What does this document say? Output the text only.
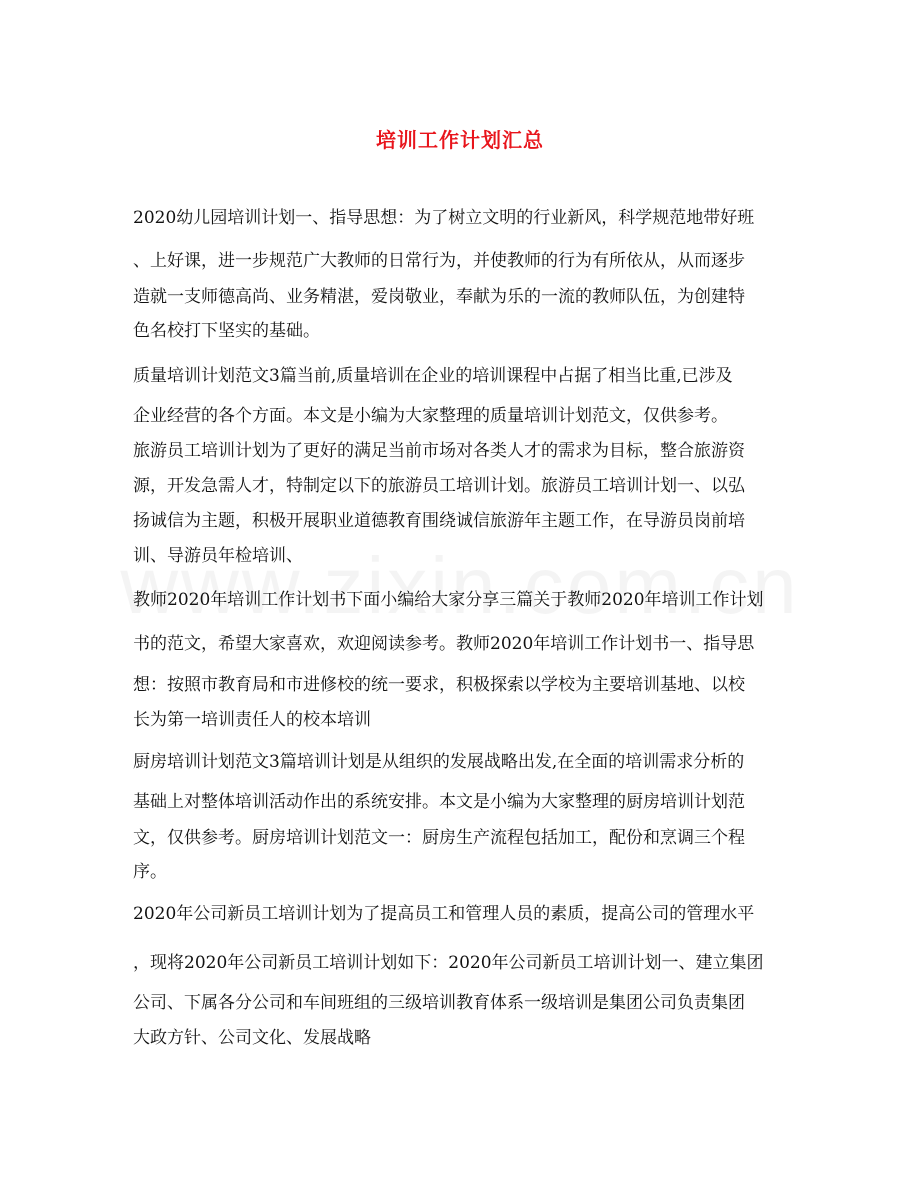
培训工作计划汇总
2020幼儿园培训计划一、指导思想：为了树立文明的行业新风，科学规范地带好班
、上好课，进一步规范广大教师的日常行为，并使教师的行为有所依从，从而逐步
造就一支师德高尚、业务精湛，爱岗敬业，奉献为乐的一流的教师队伍，为创建特
色名校打下坚实的基础。
质量培训计划范文3篇当前,质量培训在企业的培训课程中占据了相当比重,已涉及
企业经营的各个方面。本文是小编为大家整理的质量培训计划范文，仅供参考。
旅游员工培训计划为了更好的满足当前市场对各类人才的需求为目标，整合旅游资
源，开发急需人才，特制定以下的旅游员工培训计划。旅游员工培训计划一、以弘
扬诚信为主题，积极开展职业道德教育围绕诚信旅游年主题工作，在导游员岗前培
训、导游员年检培训、
教师2020年培训工作计划书下面小编给大家分享三篇关于教师2020年培训工作计划
书的范文，希望大家喜欢，欢迎阅读参考。教师2020年培训工作计划书一、指导思
想：按照市教育局和市进修校的统一要求，积极探索以学校为主要培训基地、以校
长为第一培训责任人的校本培训
厨房培训计划范文3篇培训计划是从组织的发展战略出发,在全面的培训需求分析的
基础上对整体培训活动作出的系统安排。本文是小编为大家整理的厨房培训计划范
文，仅供参考。厨房培训计划范文一：厨房生产流程包括加工，配份和烹调三个程
序。
2020年公司新员工培训计划为了提高员工和管理人员的素质，提高公司的管理水平
，现将2020年公司新员工培训计划如下：2020年公司新员工培训计划一、建立集团
公司、下属各分公司和车间班组的三级培训教育体系一级培训是集团公司负责集团
大政方针、公司文化、发展战略
